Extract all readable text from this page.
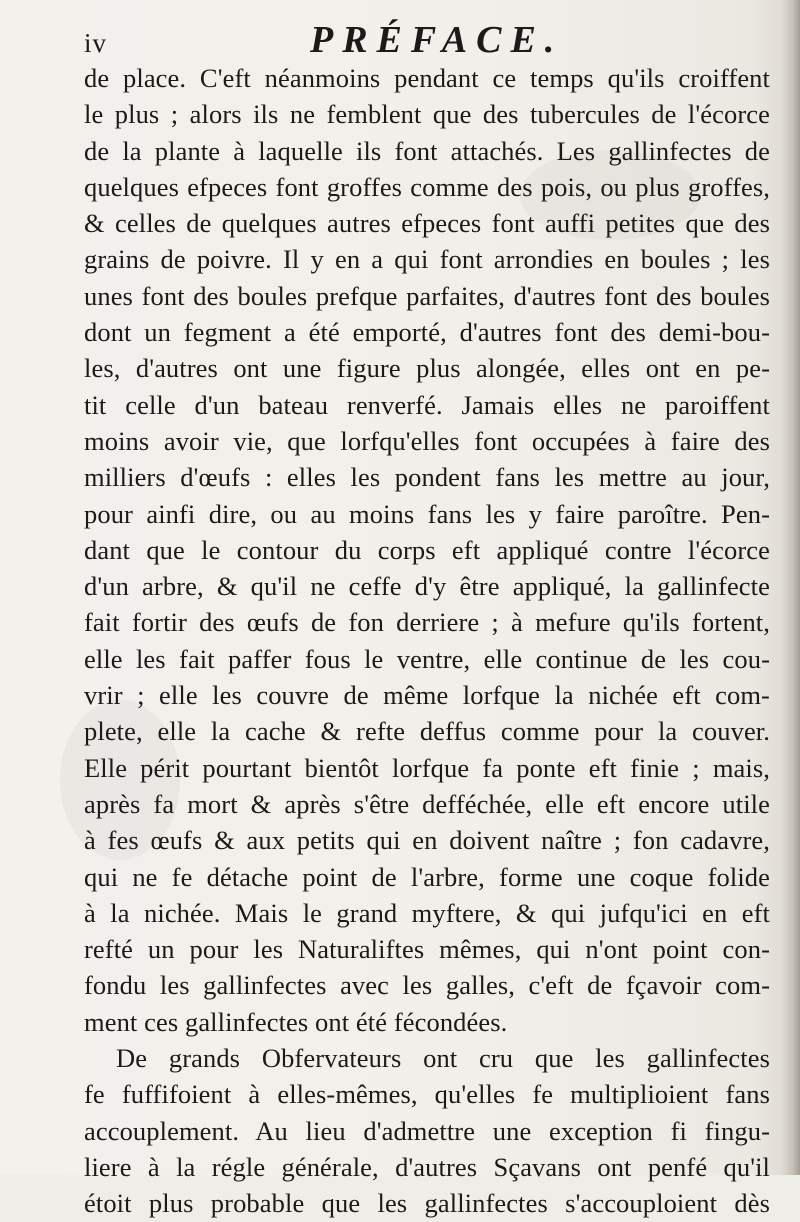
iv	PRÉFACE.
de place. C'eft néanmoins pendant ce temps qu'ils croiffent
le plus ; alors ils ne femblent que des tubercules de l'écorce
de la plante à laquelle ils font attachés. Les gallinfectes de
quelques efpeces font groffes comme des pois, ou plus groffes,
& celles de quelques autres efpeces font auffi petites que des
grains de poivre. Il y en a qui font arrondies en boules ; les
unes font des boules prefque parfaites, d'autres font des boules
dont un fegment a été emporté, d'autres font des demi-bou-
les, d'autres ont une figure plus alongée, elles ont en pe-
tit celle d'un bateau renverfé. Jamais elles ne paroiffent
moins avoir vie, que lorfqu'elles font occupées à faire des
milliers d'œufs : elles les pondent fans les mettre au jour,
pour ainfi dire, ou au moins fans les y faire paroître. Pen-
dant que le contour du corps eft appliqué contre l'écorce
d'un arbre, & qu'il ne ceffe d'y être appliqué, la gallinfecte
fait fortir des œufs de fon derriere ; à mefure qu'ils fortent,
elle les fait paffer fous le ventre, elle continue de les cou-
vrir ; elle les couvre de même lorfque la nichée eft com-
plete, elle la cache & refte deffus comme pour la couver.
Elle périt pourtant bientôt lorfque fa ponte eft finie ; mais,
après fa mort & après s'être defféchée, elle eft encore utile
à fes œufs & aux petits qui en doivent naître ; fon cadavre,
qui ne fe détache point de l'arbre, forme une coque folide
à la nichée. Mais le grand myftere, & qui jufqu'ici en eft
refté un pour les Naturaliftes mêmes, qui n'ont point con-
fondu les gallinfectes avec les galles, c'eft de fçavoir com-
ment ces gallinfectes ont été fécondées.
De grands Obfervateurs ont cru que les gallinfectes
fe fuffifoient à elles-mêmes, qu'elles fe multiplioient fans
accouplement. Au lieu d'admettre une exception fi fingu-
liere à la régle générale, d'autres Sçavans ont penfé qu'il
étoit plus probable que les gallinfectes s'accouploient dès
